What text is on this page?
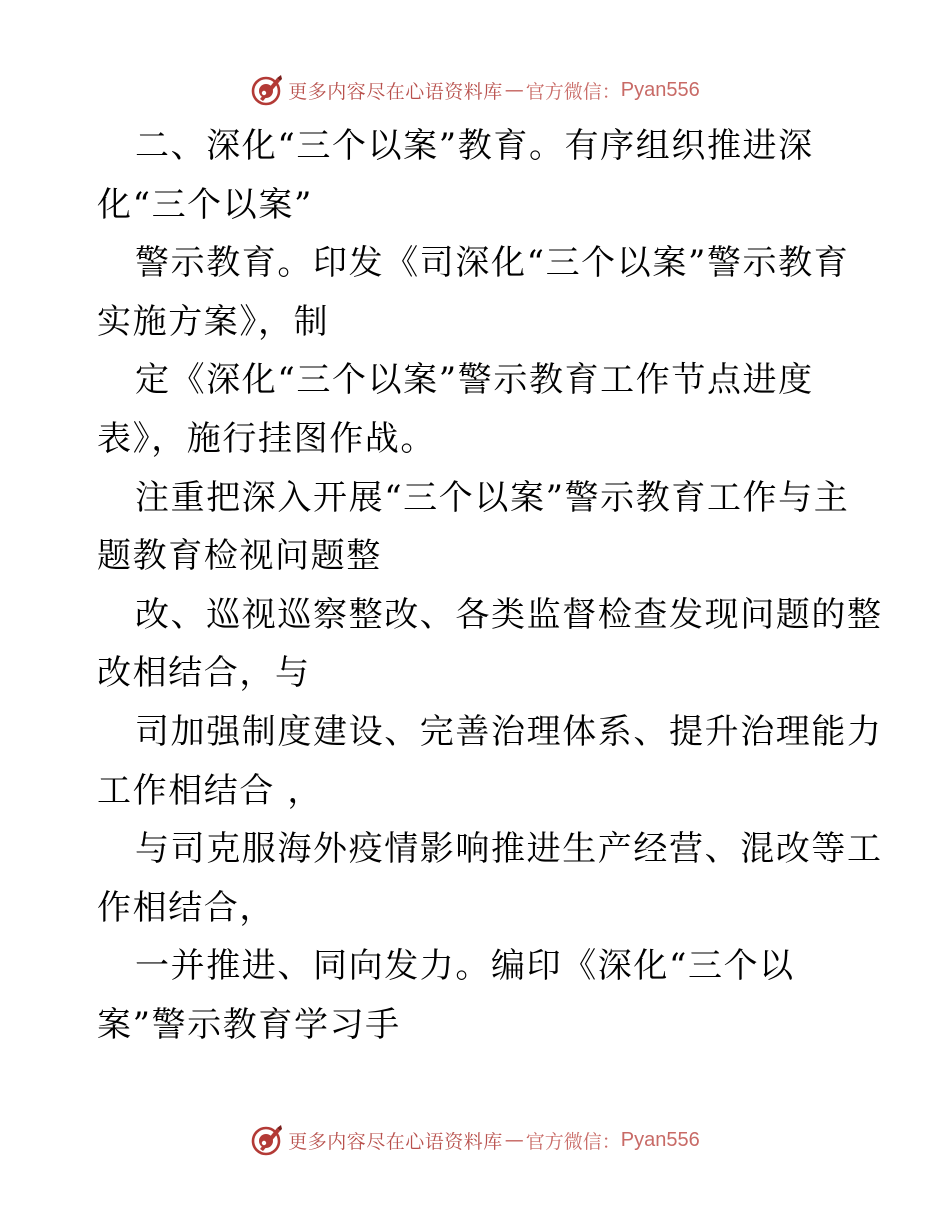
更多内容尽在心语资料库 — 官方微信： Pyan556
二、深化“三个以案”教育。有序组织推进深
化“三个以案”
警示教育。印发《司深化“三个以案”警示教育
实施方案》，制
定《深化“三个以案”警示教育工作节点进度
表》，施行挂图作战。
注重把深入开展“三个以案”警示教育工作与主
题教育检视问题整
改、巡视巡察整改、各类监督检查发现问题的整
改相结合，与
司加强制度建设、完善治理体系、提升治理能力
工作相结合 ，
与司克服海外疫情影响推进生产经营、混改等工
作相结合，
一并推进、同向发力。编印《深化“三个以
案”警示教育学习手
更多内容尽在心语资料库 — 官方微信： Pyan556
